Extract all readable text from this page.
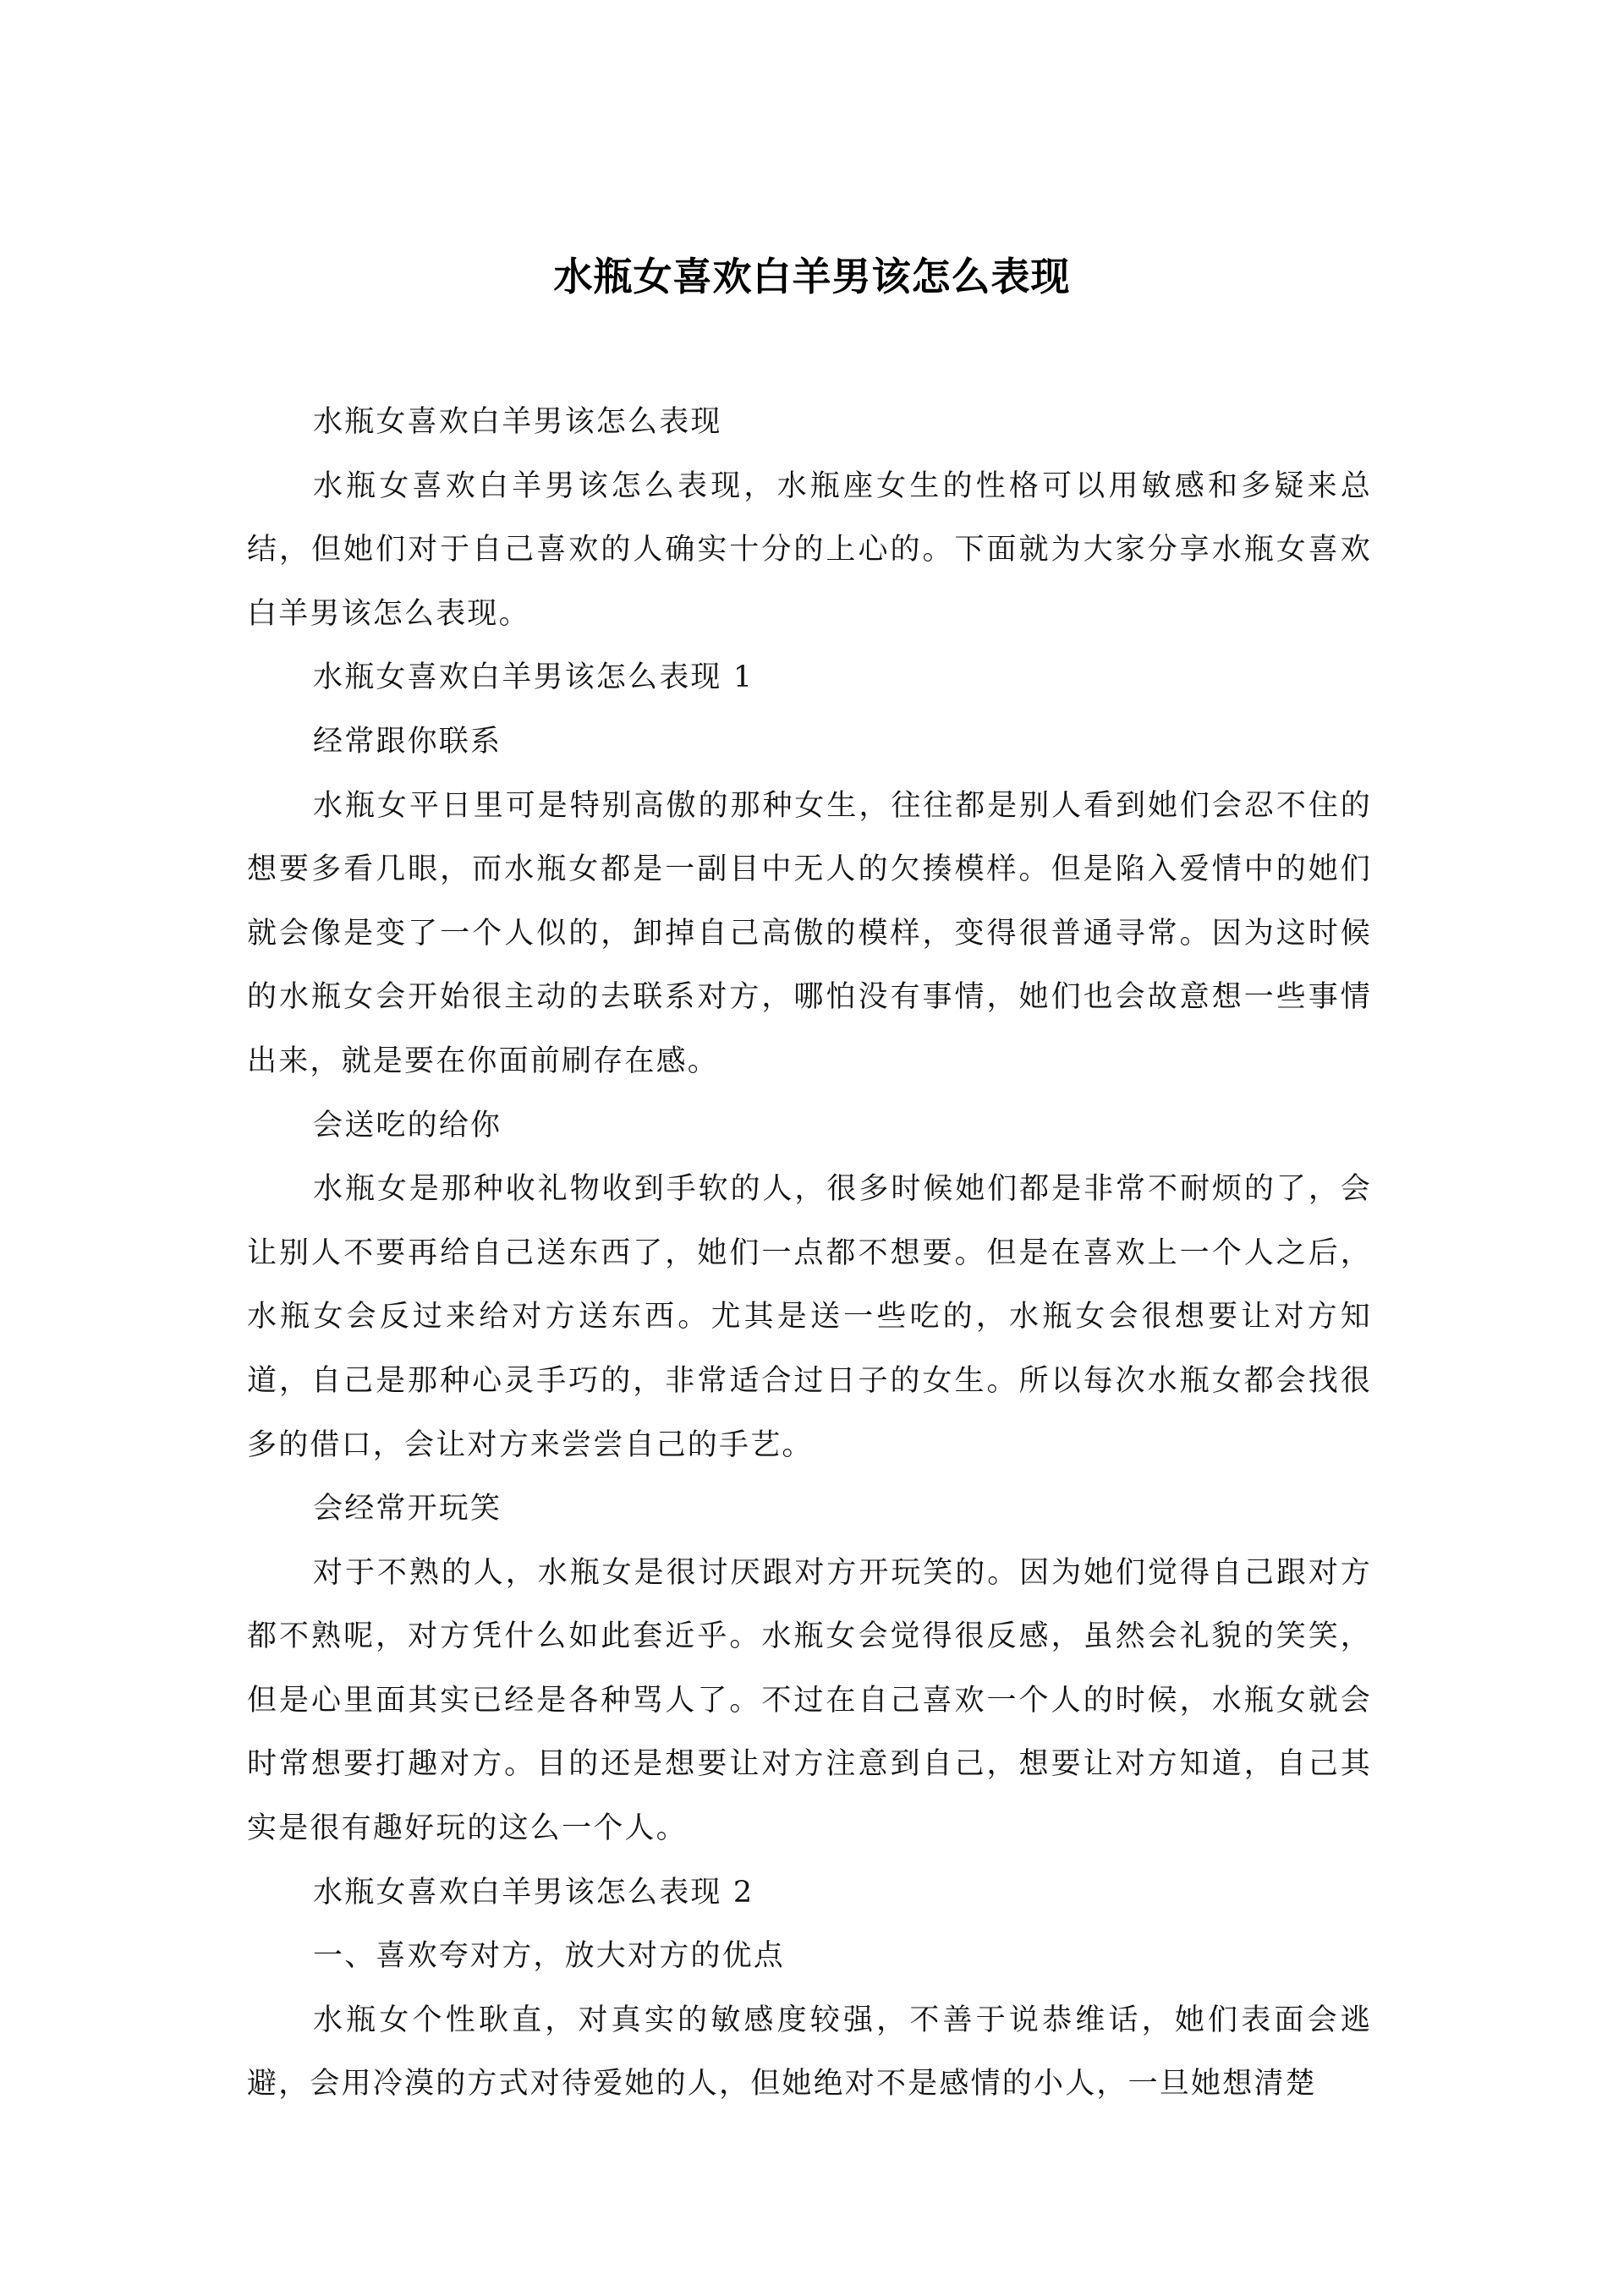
水瓶女喜欢白羊男该怎么表现

水瓶女喜欢白羊男该怎么表现

水瓶女喜欢白羊男该怎么表现，水瓶座女生的性格可以用敏感和多疑来总结，但她们对于自己喜欢的人确实十分的上心的。下面就为大家分享水瓶女喜欢白羊男该怎么表现。

水瓶女喜欢白羊男该怎么表现 1

经常跟你联系

水瓶女平日里可是特别高傲的那种女生，往往都是别人看到她们会忍不住的想要多看几眼，而水瓶女都是一副目中无人的欠揍模样。但是陷入爱情中的她们就会像是变了一个人似的，卸掉自己高傲的模样，变得很普通寻常。因为这时候的水瓶女会开始很主动的去联系对方，哪怕没有事情，她们也会故意想一些事情出来，就是要在你面前刷存在感。

会送吃的给你

水瓶女是那种收礼物收到手软的人，很多时候她们都是非常不耐烦的了，会让别人不要再给自己送东西了，她们一点都不想要。但是在喜欢上一个人之后，水瓶女会反过来给对方送东西。尤其是送一些吃的，水瓶女会很想要让对方知道，自己是那种心灵手巧的，非常适合过日子的女生。所以每次水瓶女都会找很多的借口，会让对方来尝尝自己的手艺。

会经常开玩笑

对于不熟的人，水瓶女是很讨厌跟对方开玩笑的。因为她们觉得自己跟对方都不熟呢，对方凭什么如此套近乎。水瓶女会觉得很反感，虽然会礼貌的笑笑，但是心里面其实已经是各种骂人了。不过在自己喜欢一个人的时候，水瓶女就会时常想要打趣对方。目的还是想要让对方注意到自己，想要让对方知道，自己其实是很有趣好玩的这么一个人。

水瓶女喜欢白羊男该怎么表现 2

一、喜欢夸对方，放大对方的优点

水瓶女个性耿直，对真实的敏感度较强，不善于说恭维话，她们表面会逃避，会用冷漠的方式对待爱她的人，但她绝对不是感情的小人，一旦她想清楚
